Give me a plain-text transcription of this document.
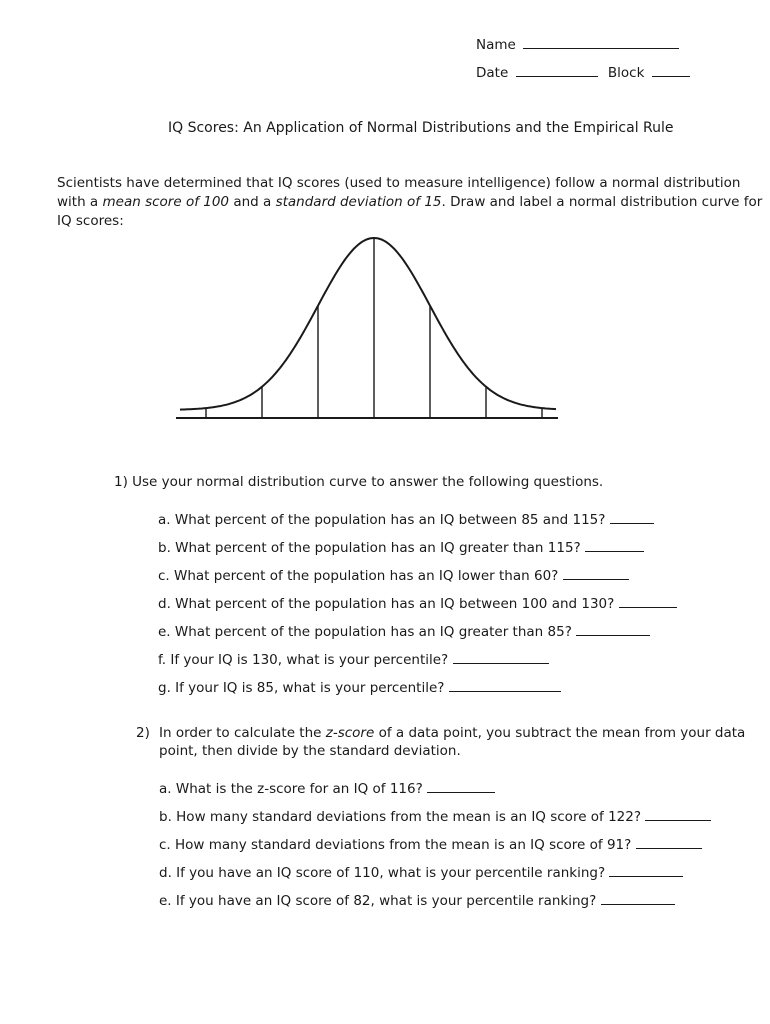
Name
Date	Block
IQ Scores: An Application of Normal Distributions and the Empirical Rule
Scientists have determined that IQ scores (used to measure intelligence) follow a normal distribution with a mean score of 100 and a standard deviation of 15. Draw and label a normal distribution curve for IQ scores:
1) Use your normal distribution curve to answer the following questions.
a. What percent of the population has an IQ between 85 and 115?
b. What percent of the population has an IQ greater than 115?
c. What percent of the population has an IQ lower than 60?
d. What percent of the population has an IQ between 100 and 130?
e. What percent of the population has an IQ greater than 85?
f. If your IQ is 130, what is your percentile?
g. If your IQ is 85, what is your percentile?
2) In order to calculate the z-score of a data point, you subtract the mean from your data
point, then divide by the standard deviation.
a. What is the z-score for an IQ of 116?
b. How many standard deviations from the mean is an IQ score of 122?
c. How many standard deviations from the mean is an IQ score of 91?
d. If you have an IQ score of 110, what is your percentile ranking?
e. If you have an IQ score of 82, what is your percentile ranking?
